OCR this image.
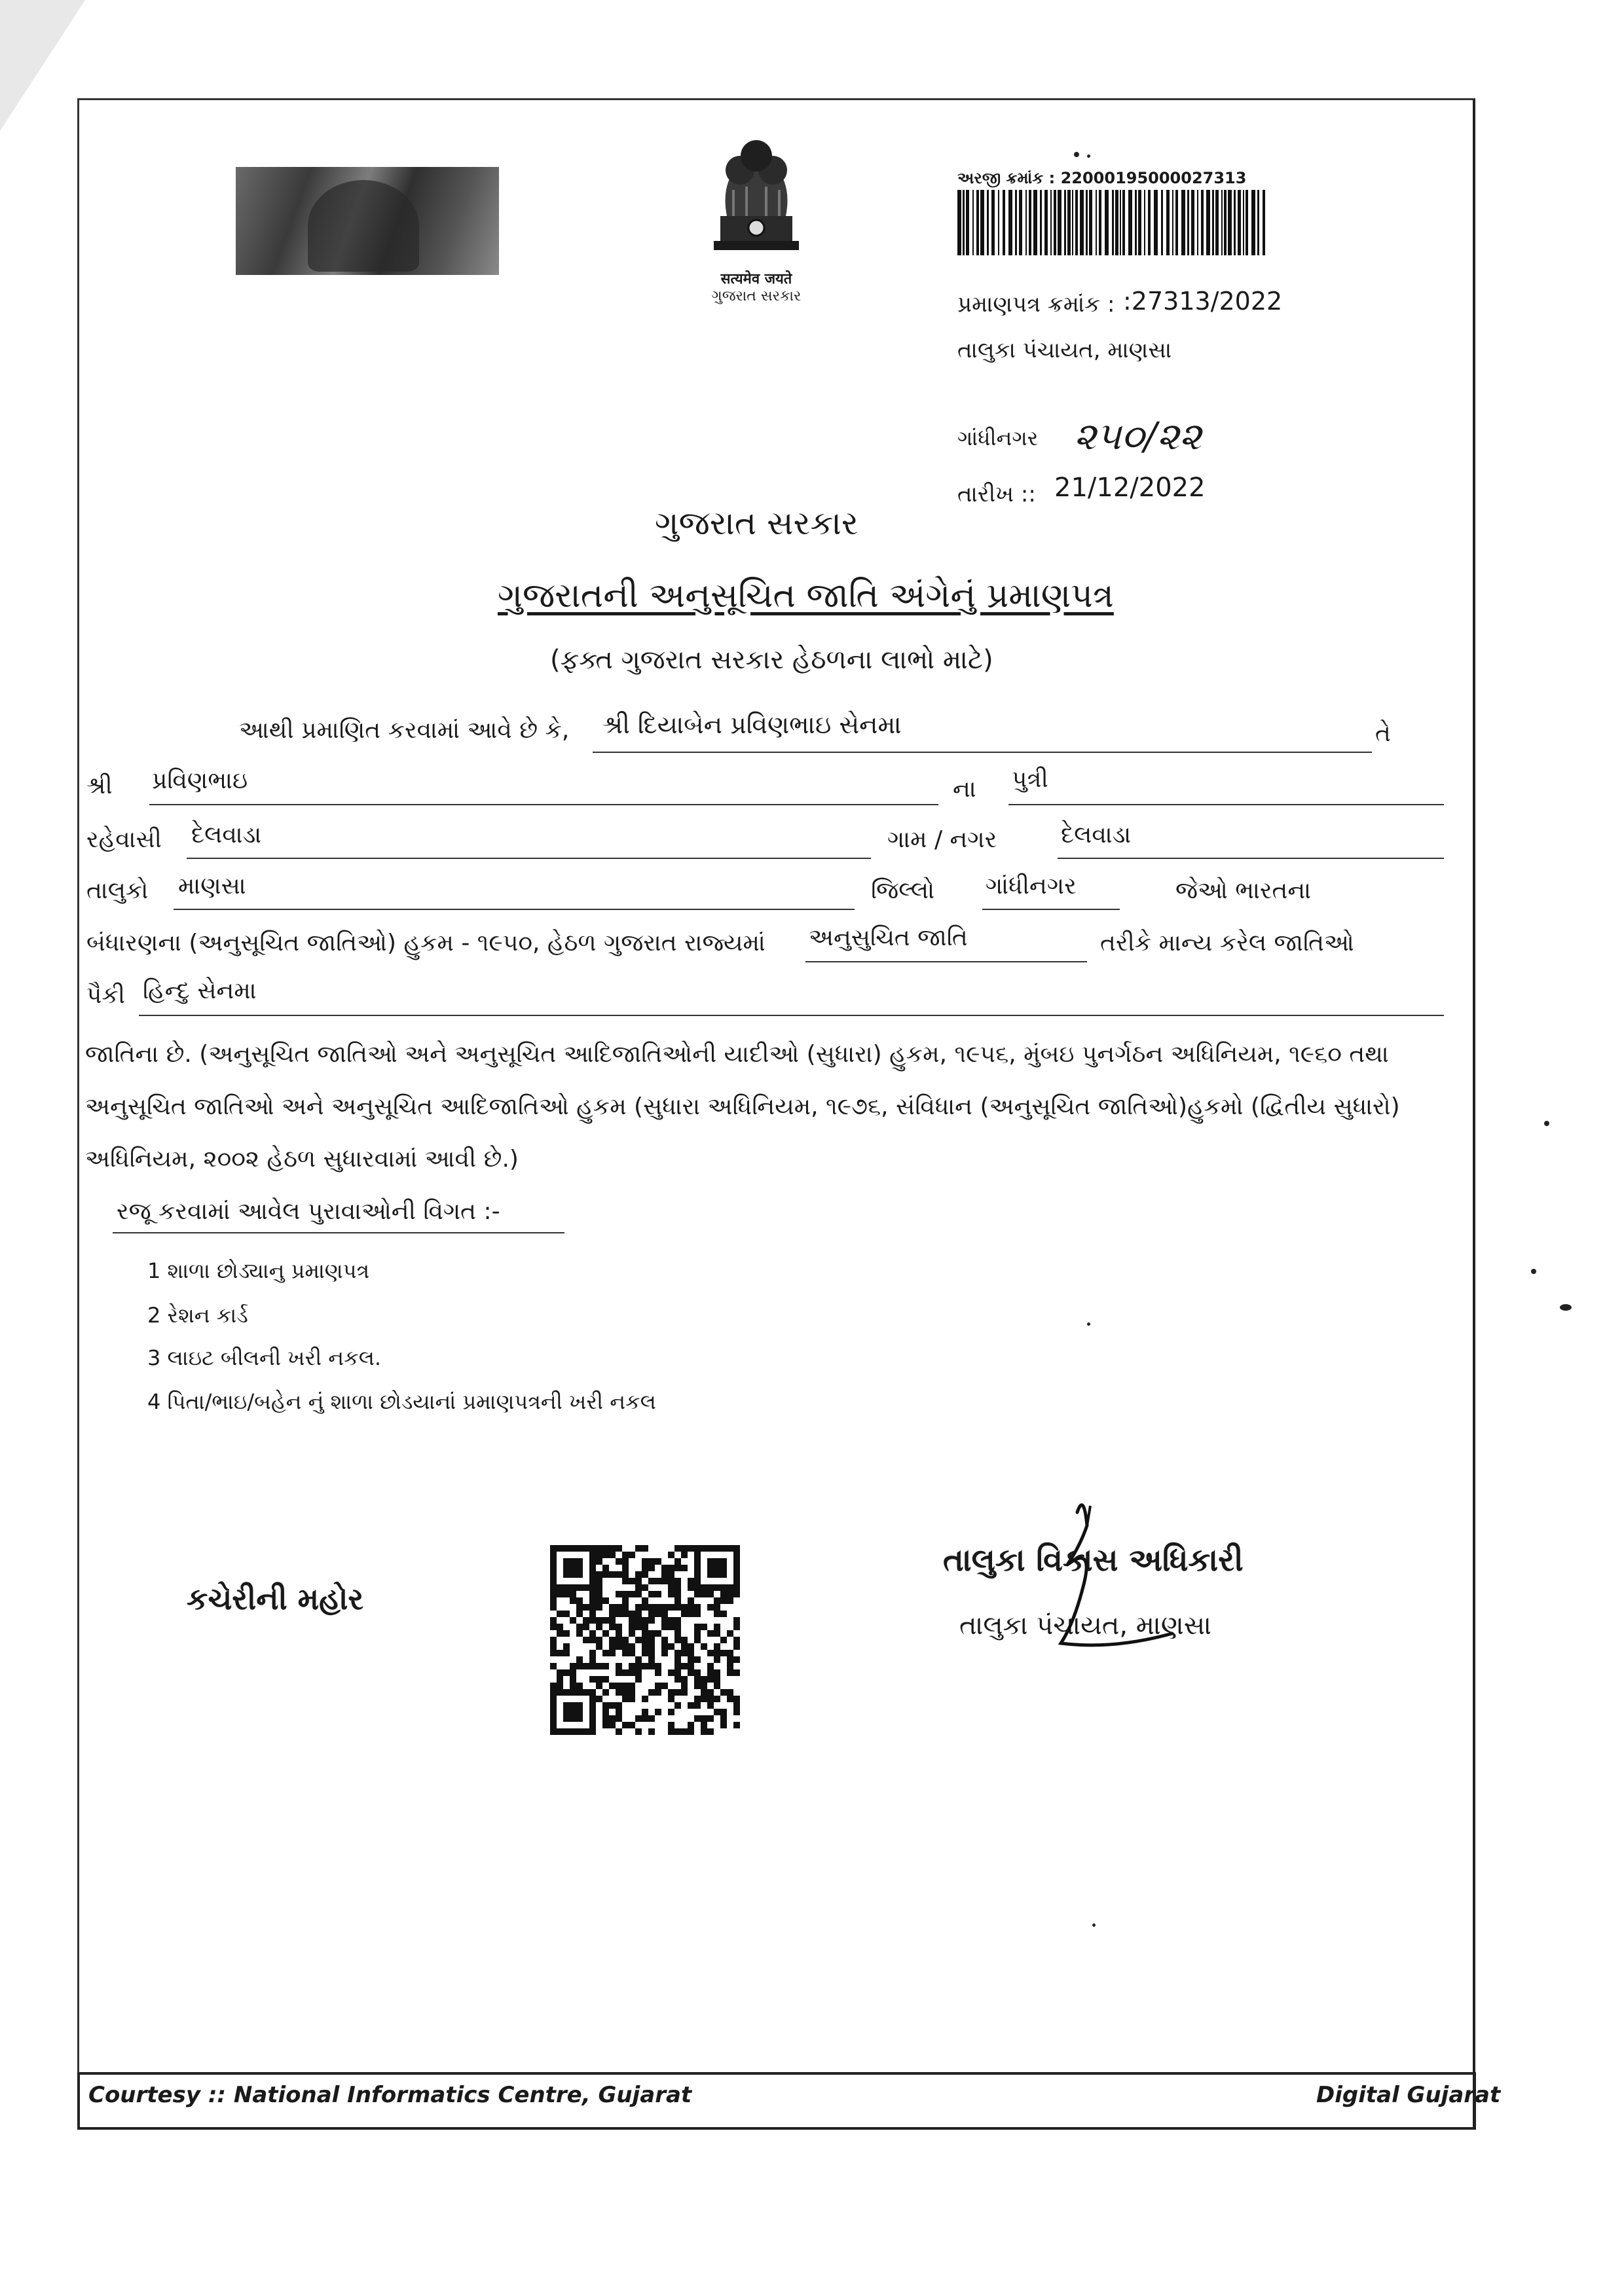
सत्यमेव जयते
ગુજરાત સરકાર
અરજી ક્રમાંક : 22000195000027313
પ્રમાણપત્ર ક્રમાંક : :27313/2022
તાલુકા પંચાયત, માણસા
ગાંધીનગર ૨૫૦/૨૨
તારીખ :: 21/12/2022
ગુજરાત સરકાર
ગુજરાતની અનુસૂચિત જાતિ અંગેનું પ્રમાણપત્ર
(ફક્ત ગુજરાત સરકાર હેઠળના લાભો માટે)
આથી પ્રમાણિત કરવામાં આવે છે કે, શ્રી દિયાબેન પ્રવિણભાઇ સેનમા	તે
શ્રી પ્રવિણભાઇ	ના પુત્રી
રહેવાસી દેલવાડા	ગામ / નગર	દેલવાડા
તાલુકો માણસા	જિલ્લો ગાંધીનગર	જેઓ ભારતના
બંધારણના (અનુસૂચિત જાતિઓ) હુકમ - ૧૯૫૦, હેઠળ ગુજરાત રાજ્યમાં અનુસુચિત જાતિ	તરીકે માન્ય કરેલ જાતિઓ
પૈકી હિન્દુ સેનમા
જાતિના છે. (અનુસૂચિત જાતિઓ અને અનુસૂચિત આદિજાતિઓની યાદીઓ (સુધારા) હુકમ, ૧૯૫૬, મુંબઇ પુનર્ગઠન અધિનિયમ, ૧૯૬૦ તથા
અનુસૂચિત જાતિઓ અને અનુસૂચિત આદિજાતિઓ હુકમ (સુધારા અધિનિયમ, ૧૯૭૬, સંવિધાન (અનુસૂચિત જાતિઓ)હુકમો (દ્વિતીય સુધારો)
અધિનિયમ, ૨૦૦૨ હેઠળ સુધારવામાં આવી છે.)
રજૂ કરવામાં આવેલ પુરાવાઓની વિગત :-
1 શાળા છોડ્યાનુ પ્રમાણપત્ર
2 રેશન કાર્ડ
3 લાઇટ બીલની ખરી નકલ.
4 પિતા/ભાઇ/બહેન નું શાળા છોડયાનાં પ્રમાણપત્રની ખરી નકલ
કચેરીની મહોર
તાલુકા વિકાસ અધિકારી
તાલુકા પંચાયત, માણસા
Courtesy :: National Informatics Centre, Gujarat	Digital Gujarat
